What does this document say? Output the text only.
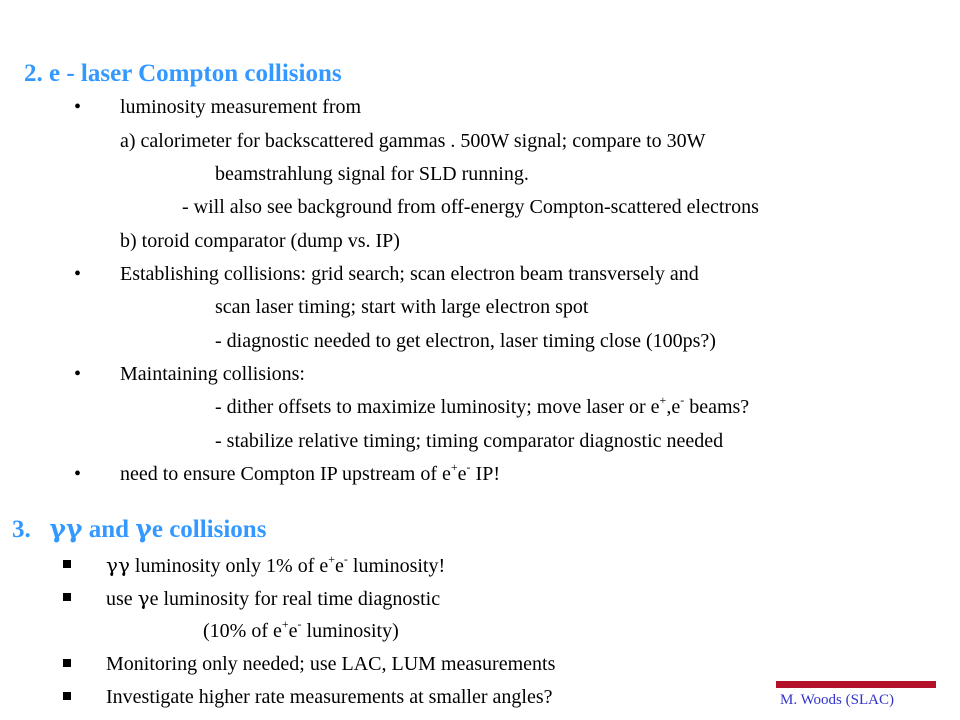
2. e - laser Compton collisions
• luminosity measurement from
a) calorimeter for backscattered gammas . 500W signal; compare to 30W
beamstrahlung signal for SLD running.
- will also see background from off-energy Compton-scattered electrons
b) toroid comparator (dump vs. IP)
• Establishing collisions: grid search; scan electron beam transversely and
scan laser timing; start with large electron spot
- diagnostic needed to get electron, laser timing close (100ps?)
• Maintaining collisions:
- dither offsets to maximize luminosity; move laser or e+,e- beams?
- stabilize relative timing; timing comparator diagnostic needed
• need to ensure Compton IP upstream of e+e- IP!
3. γγ and γe collisions
γγ luminosity only 1% of e+e- luminosity!
use γe luminosity for real time diagnostic
(10% of e+e- luminosity)
Monitoring only needed; use LAC, LUM measurements
Investigate higher rate measurements at smaller angles?	M. Woods (SLAC)
